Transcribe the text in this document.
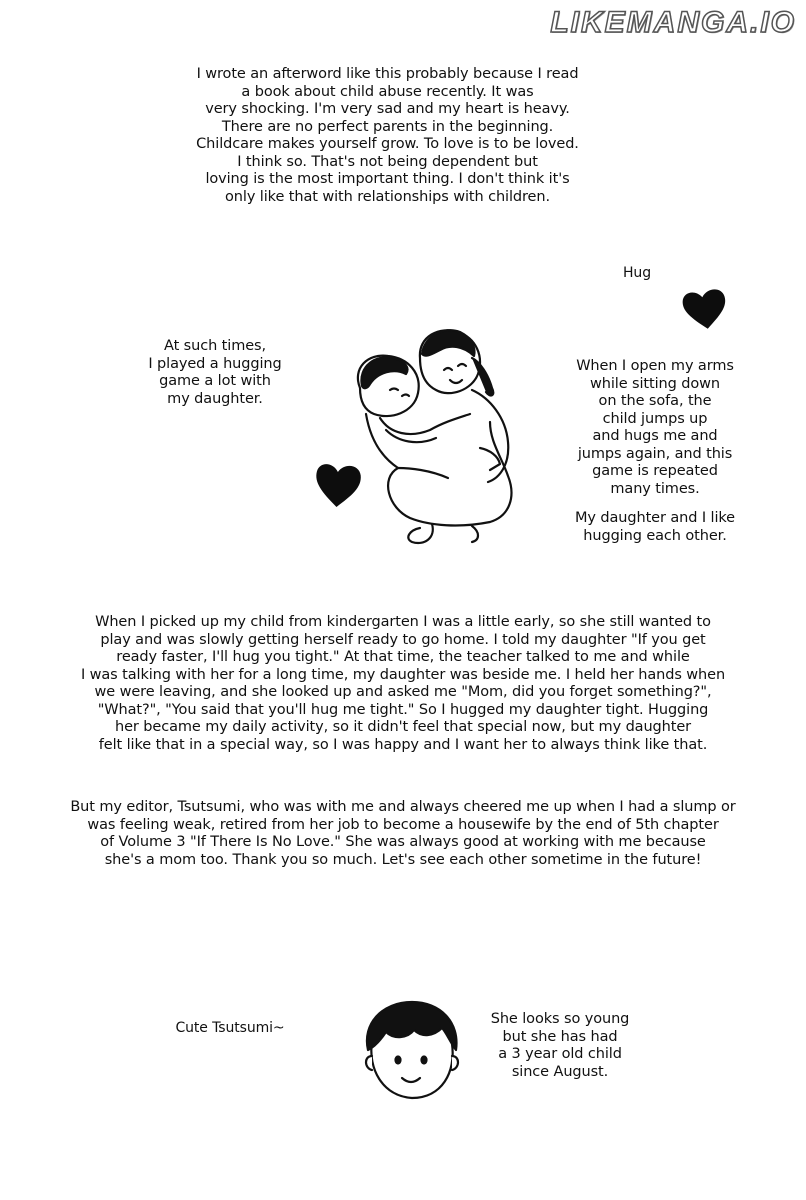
LIKEMANGA.IO
I wrote an afterword like this probably because I read
a book about child abuse recently. It was
very shocking. I'm very sad and my heart is heavy.
There are no perfect parents in the beginning.
Childcare makes yourself grow. To love is to be loved.
I think so. That's not being dependent but
loving is the most important thing. I don't think it's
only like that with relationships with children.
Hug
At such times,
I played a hugging
game a lot with
my daughter.
When I open my arms
while sitting down
on the sofa, the
child jumps up
and hugs me and
jumps again, and this
game is repeated
many times.
My daughter and I like
hugging each other.
When I picked up my child from kindergarten I was a little early, so she still wanted to
play and was slowly getting herself ready to go home. I told my daughter "If you get
ready faster, I'll hug you tight." At that time, the teacher talked to me and while
I was talking with her for a long time, my daughter was beside me. I held her hands when
we were leaving, and she looked up and asked me "Mom, did you forget something?",
"What?", "You said that you'll hug me tight." So I hugged my daughter tight. Hugging
her became my daily activity, so it didn't feel that special now, but my daughter
felt like that in a special way, so I was happy and I want her to always think like that.
But my editor, Tsutsumi, who was with me and always cheered me up when I had a slump or
was feeling weak, retired from her job to become a housewife by the end of 5th chapter
of Volume 3 "If There Is No Love." She was always good at working with me because
she's a mom too. Thank you so much. Let's see each other sometime in the future!
Cute Tsutsumi~
She looks so young
but she has had
a 3 year old child
since August.
